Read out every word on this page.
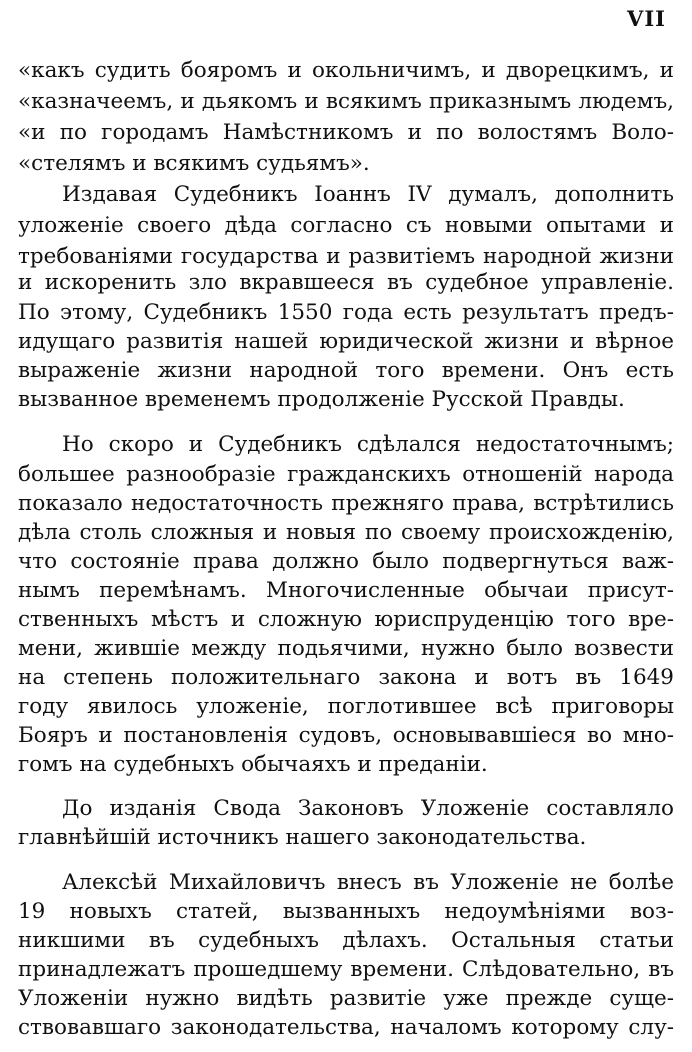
VII
«какъ судить бояромъ и окольничимъ, и дворецкимъ, и
«казначеемъ, и дьякомъ и всякимъ приказнымъ людемъ,
«и по городамъ Намѣстникомъ и по волостямъ Воло-
«стелямъ и всякимъ судьямъ».
Издавая Судебникъ Іоаннъ IV думалъ, дополнить
уложеніе своего дѣда согласно съ новыми опытами и
требованіями государства и развитіемъ народной жизни
и искоренить зло вкравшееся въ судебное управленіе.
По этому, Судебникъ 1550 года есть результатъ предъ-
идущаго развитія нашей юридической жизни и вѣрное
выраженіе жизни народной того времени. Онъ есть
вызванное временемъ продолженіе Русской Правды.
Но скоро и Судебникъ сдѣлался недостаточнымъ;
большее разнообразіе гражданскихъ отношеній народа
показало недостаточность прежняго права, встрѣтились
дѣла столь сложныя и новыя по своему происхожденію,
что состояніе права должно было подвергнуться важ-
нымъ перемѣнамъ. Многочисленные обычаи присут-
ственныхъ мѣстъ и сложную юриспруденцію того вре-
мени, жившіе между подьячими, нужно было возвести
на степень положительнаго закона и вотъ въ 1649
году явилось уложеніе, поглотившее всѣ приговоры
Бояръ и постановленія судовъ, основывавшіеся во мно-
гомъ на судебныхъ обычаяхъ и преданіи.
До изданія Свода Законовъ Уложеніе составляло
главнѣйшій источникъ нашего законодательства.
Алексѣй Михайловичъ внесъ въ Уложеніе не болѣе
19 новыхъ статей, вызванныхъ недоумѣніями воз-
никшими въ судебныхъ дѣлахъ. Остальныя статьи
принадлежатъ прошедшему времени. Слѣдовательно, въ
Уложеніи нужно видѣть развитіе уже прежде суще-
ствовавшаго законодательства, началомъ которому слу-
